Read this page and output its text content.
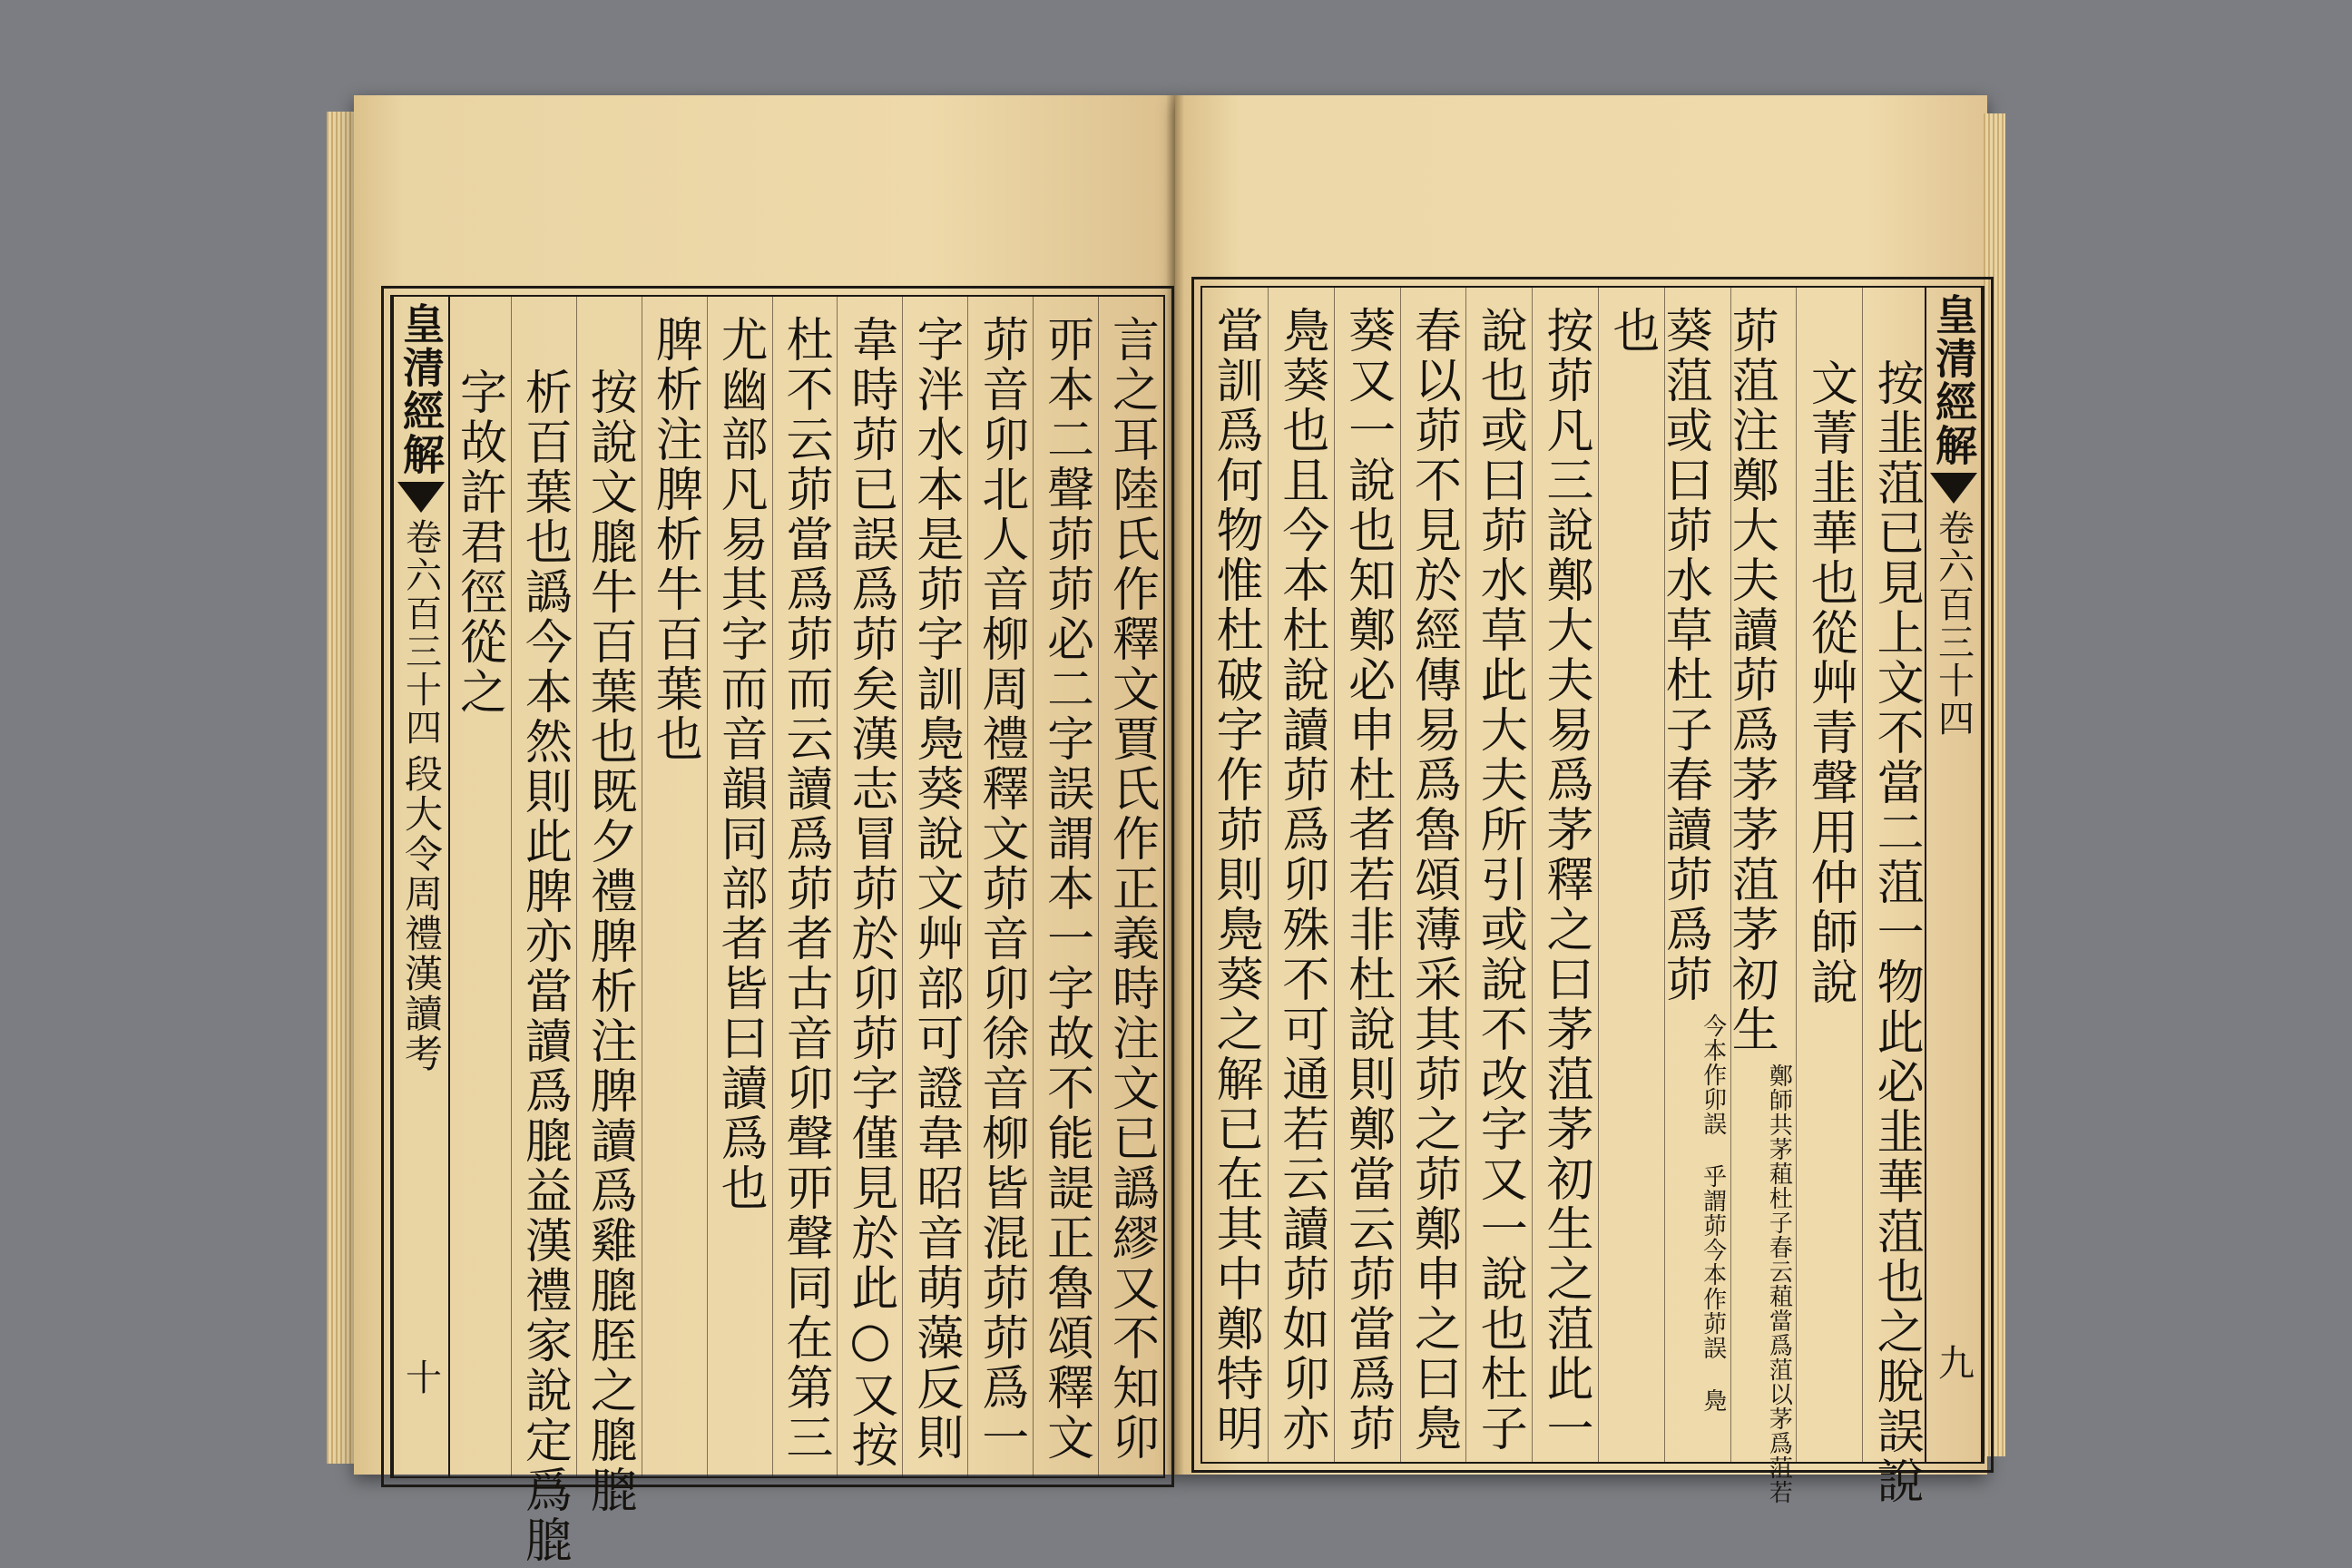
皇清經解
卷六百三十四
段大令周禮漢讀考
十	言之耳陸氏作釋文賈氏作正義時注文已譌繆又不知卯
丣本二聲茆茆必二字誤謂本一字故不能諟正魯頌釋文
茆音卯北人音柳周禮釋文茆音卯徐音柳皆混茆茆爲一
字泮水本是茆字訓鳧葵說文艸部可證韋昭音萌藻反則
韋時茆已誤爲茆矣漢志冒茆於卯茆字僅見於此○又按
杜不云茆當爲茆而云讀爲茆者古音卯聲丣聲同在第三
尤幽部凡易其字而音韻同部者皆曰讀爲也
脾析注脾析牛百葉也
按說文膍牛百葉也既夕禮脾析注脾讀爲雞膍胵之膍膍
析百葉也譌今本然則此脾亦當讀爲膍益漢禮家說定爲膍
字故許君徑從之	皇清經解
卷六百三十四
九
按韭菹已見上文不當二菹一物此必韭華菹也之脫誤說
文菁韭華也從艸青聲用仲師說
茆菹注鄭大夫讀茆爲茅茅菹茅初生
鄭師共茅蒩杜子春云蒩當爲菹以茅爲菹若
葵菹或曰茆水草杜子春讀茆爲茆
今本作卯誤 乎謂茆今本作茆誤 鳧
也
按茆凡三說鄭大夫易爲茅釋之曰茅菹茅初生之菹此一
說也或曰茆水草此大夫所引或說不改字又一說也杜子
春以茆不見於經傳易爲魯頌薄采其茆之茆鄭申之曰鳧
葵又一說也知鄭必申杜者若非杜說則鄭當云茆當爲茆
鳧葵也且今本杜說讀茆爲卯殊不可通若云讀茆如卯亦
當訓爲何物惟杜破字作茆則鳧葵之解已在其中鄭特明
